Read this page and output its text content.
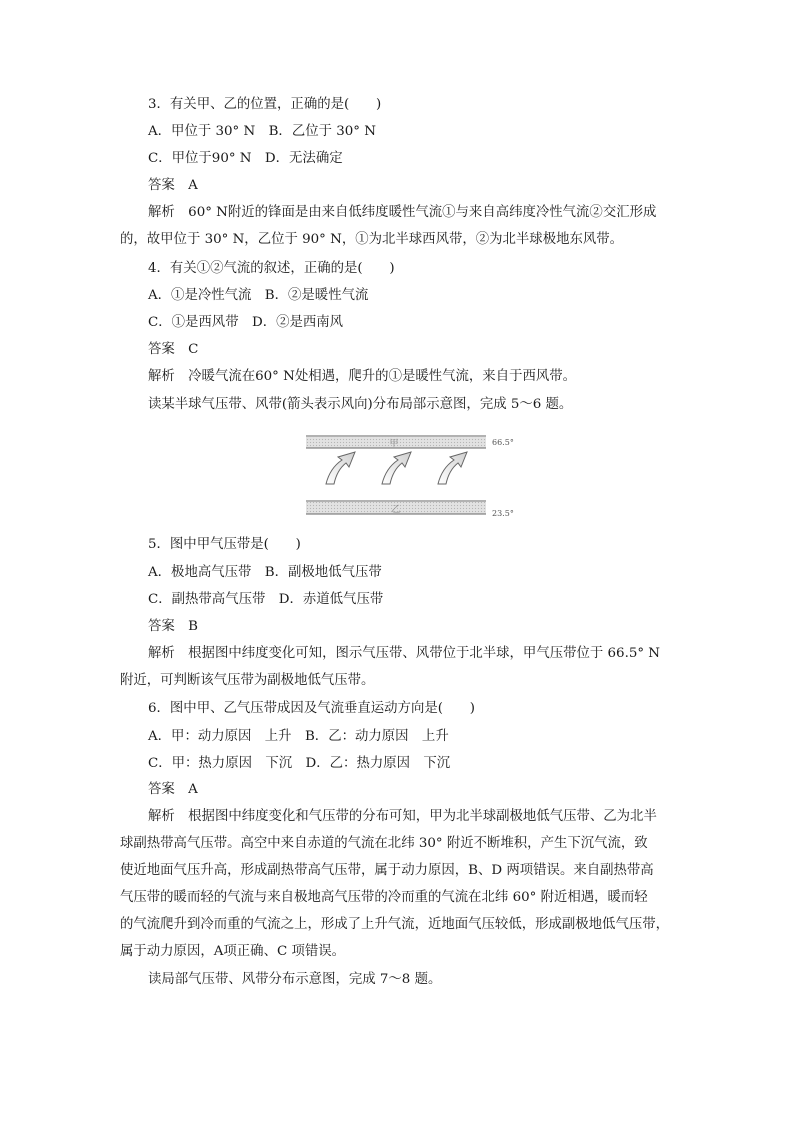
3．有关甲、乙的位置，正确的是(　　)
A．甲位于 30° N　B．乙位于 30° N
C．甲位于90° N　D．无法确定
答案　A
解析　60° N附近的锋面是由来自低纬度暖性气流①与来自高纬度冷性气流②交汇形成
的，故甲位于 30° N，乙位于 90° N，①为北半球西风带，②为北半球极地东风带。
4．有关①②气流的叙述，正确的是(　　)
A．①是冷性气流　B．②是暖性气流
C．①是西风带　D．②是西南风
答案　C
解析　冷暖气流在60° N处相遇，爬升的①是暖性气流，来自于西风带。
读某半球气压带、风带(箭头表示风向)分布局部示意图，完成 5～6 题。
甲	66.5°
乙	23.5°
5．图中甲气压带是(　　)
A．极地高气压带　B．副极地低气压带
C．副热带高气压带　D．赤道低气压带
答案　B
解析　根据图中纬度变化可知，图示气压带、风带位于北半球，甲气压带位于 66.5° N
附近，可判断该气压带为副极地低气压带。
6．图中甲、乙气压带成因及气流垂直运动方向是(　　)
A．甲：动力原因　上升　B．乙：动力原因　上升
C．甲：热力原因　下沉　D．乙：热力原因　下沉
答案　A
解析　根据图中纬度变化和气压带的分布可知，甲为北半球副极地低气压带、乙为北半
球副热带高气压带。高空中来自赤道的气流在北纬 30° 附近不断堆积，产生下沉气流，致
使近地面气压升高，形成副热带高气压带，属于动力原因，B、D 两项错误。来自副热带高
气压带的暖而轻的气流与来自极地高气压带的冷而重的气流在北纬 60° 附近相遇，暖而轻
的气流爬升到冷而重的气流之上，形成了上升气流，近地面气压较低，形成副极地低气压带，
属于动力原因，A项正确、C 项错误。
读局部气压带、风带分布示意图，完成 7～8 题。
